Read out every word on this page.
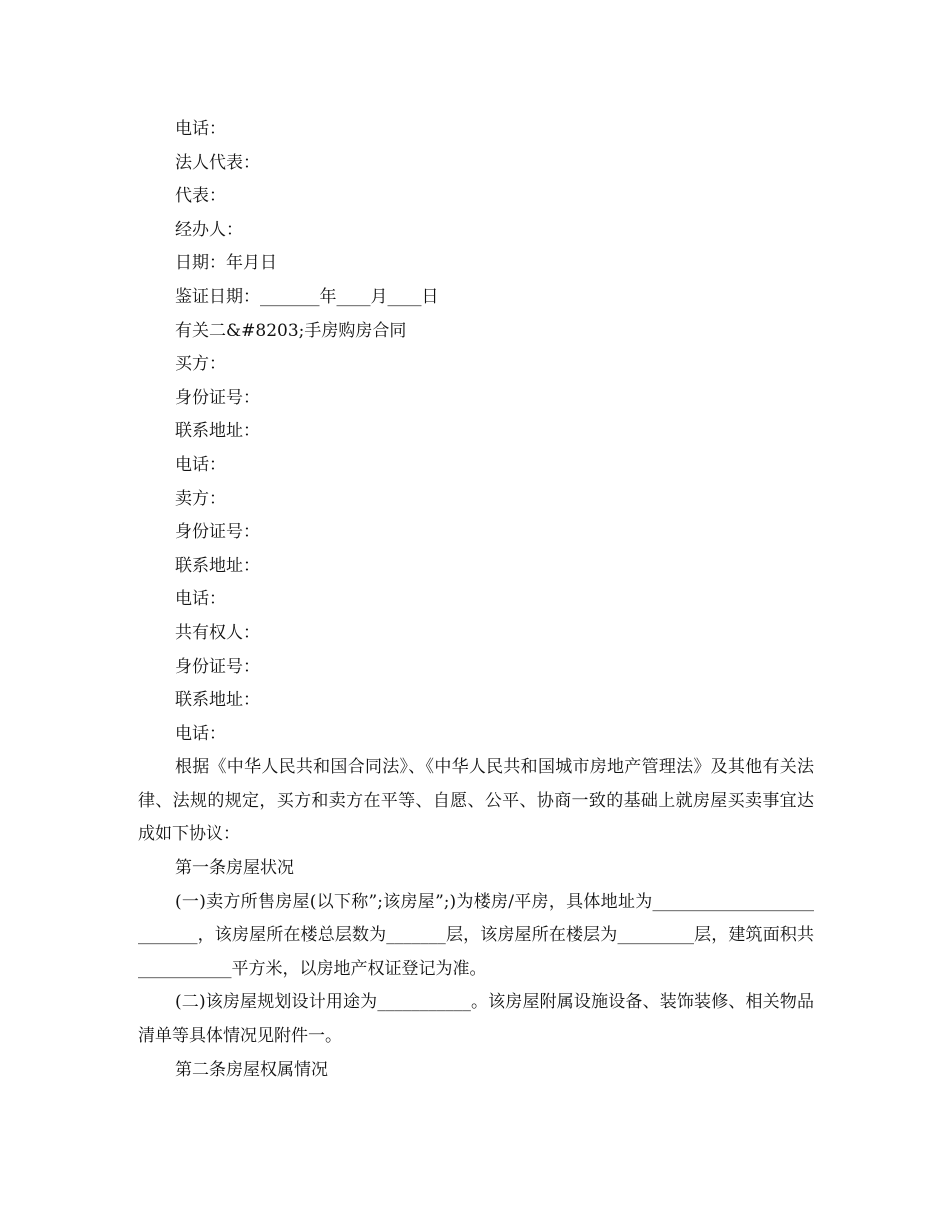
电话：

法人代表：

代表：

经办人：

日期：年月日

鉴证日期：_______年____月____日

有关二&#8203;手房购房合同

买方：

身份证号：

联系地址：

电话：

卖方：

身份证号：

联系地址：

电话：

共有权人：

身份证号：

联系地址：

电话：

根据《中华人民共和国合同法》、《中华人民共和国城市房地产管理法》及其他有关法律、法规的规定，买方和卖方在平等、自愿、公平、协商一致的基础上就房屋买卖事宜达成如下协议：

第一条房屋状况

(一)卖方所售房屋(以下称”;该房屋”;)为楼房/平房，具体地址为__________________________，该房屋所在楼总层数为_______层，该房屋所在楼层为_________层，建筑面积共___________平方米，以房地产权证登记为准。

(二)该房屋规划设计用途为___________。该房屋附属设施设备、装饰装修、相关物品清单等具体情况见附件一。

第二条房屋权属情况
